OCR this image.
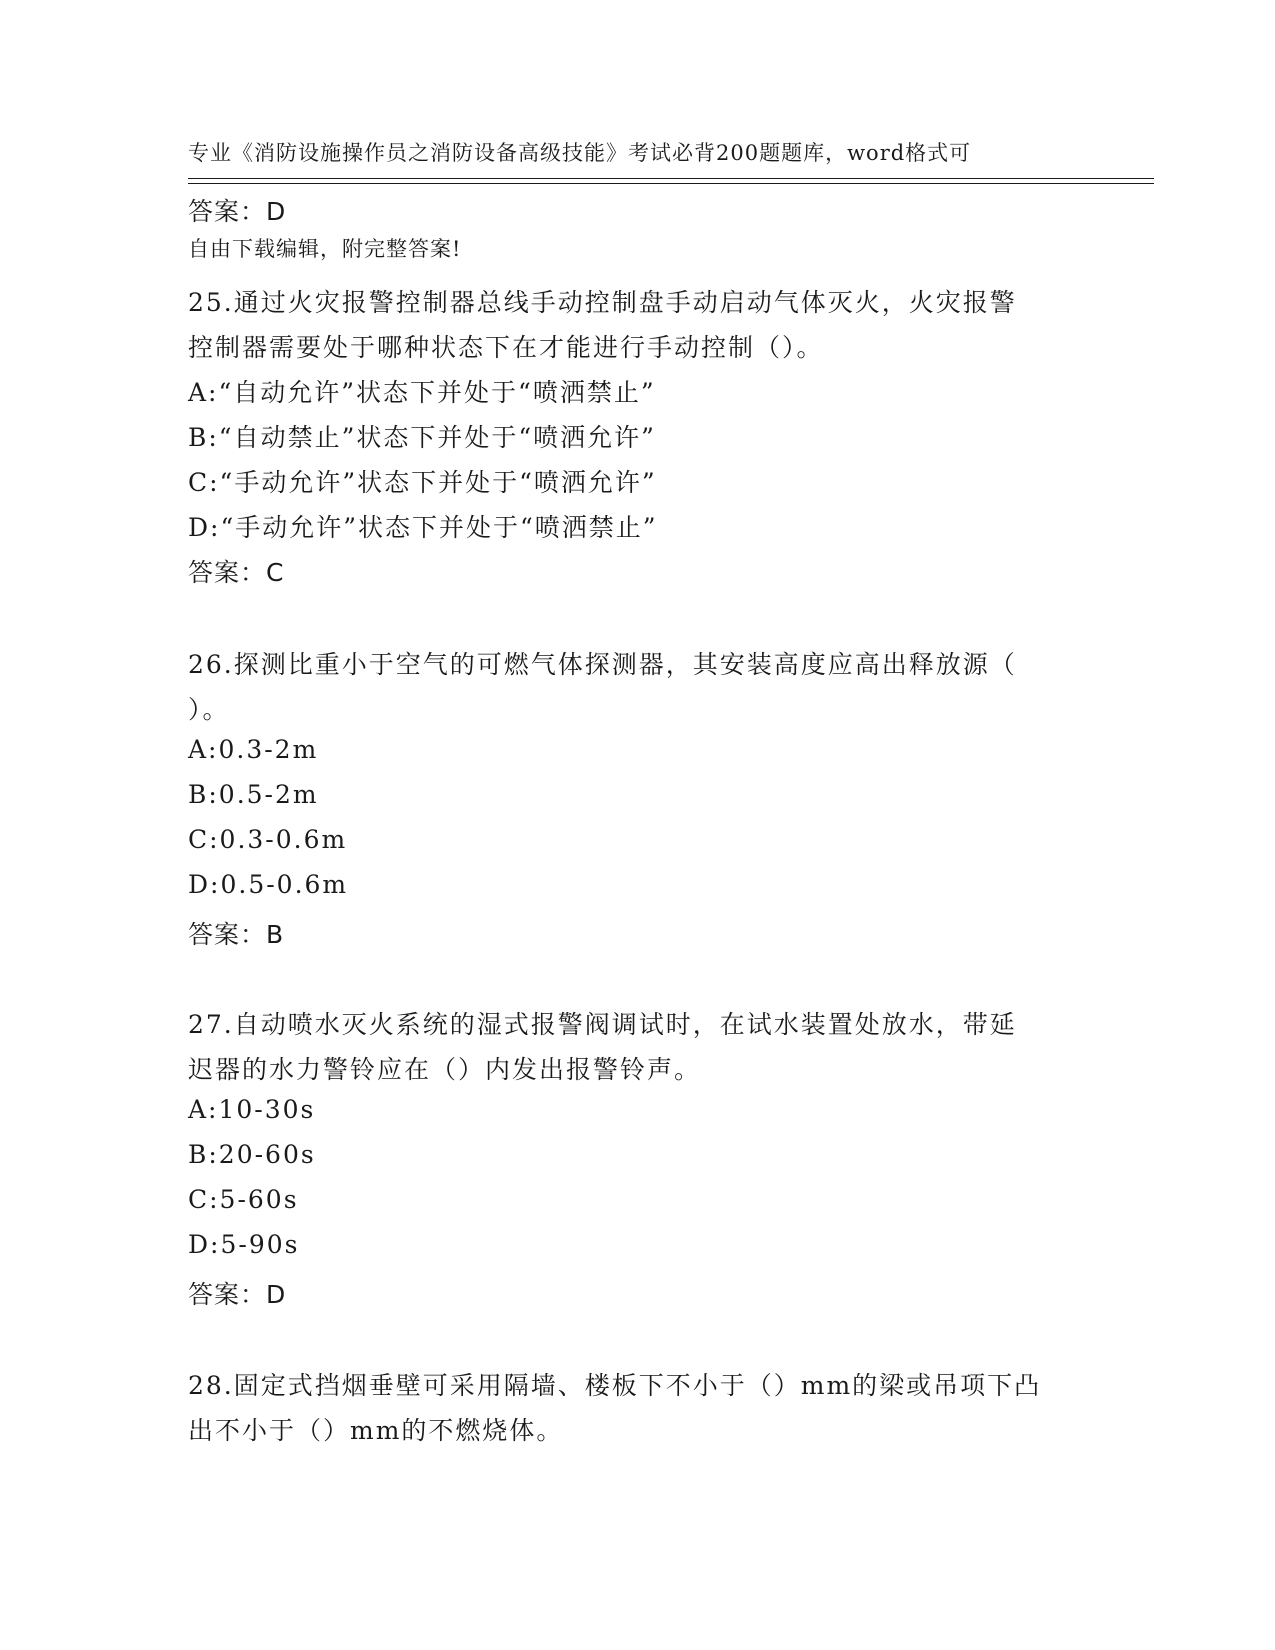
专业《消防设施操作员之消防设备高级技能》考试必背200题题库，word格式可

自由下载编辑，附完整答案!

答案：D
25.通过火灾报警控制器总线手动控制盘手动启动气体灭火，火灾报警
控制器需要处于哪种状态下在才能进行手动控制（）。
A:“自动允许”状态下并处于“喷洒禁止”
B:“自动禁止”状态下并处于“喷洒允许”
C:“手动允许”状态下并处于“喷洒允许”
D:“手动允许”状态下并处于“喷洒禁止”
答案：C
26.探测比重小于空气的可燃气体探测器，其安装高度应高出释放源（
）。
A:0.3-2m
B:0.5-2m
C:0.3-0.6m
D:0.5-0.6m
答案：B
27.自动喷水灭火系统的湿式报警阀调试时，在试水装置处放水，带延
迟器的水力警铃应在（）内发出报警铃声。
A:10-30s
B:20-60s
C:5-60s
D:5-90s
答案：D
28.固定式挡烟垂壁可采用隔墙、楼板下不小于（）mm的梁或吊项下凸
出不小于（）mm的不燃烧体。
